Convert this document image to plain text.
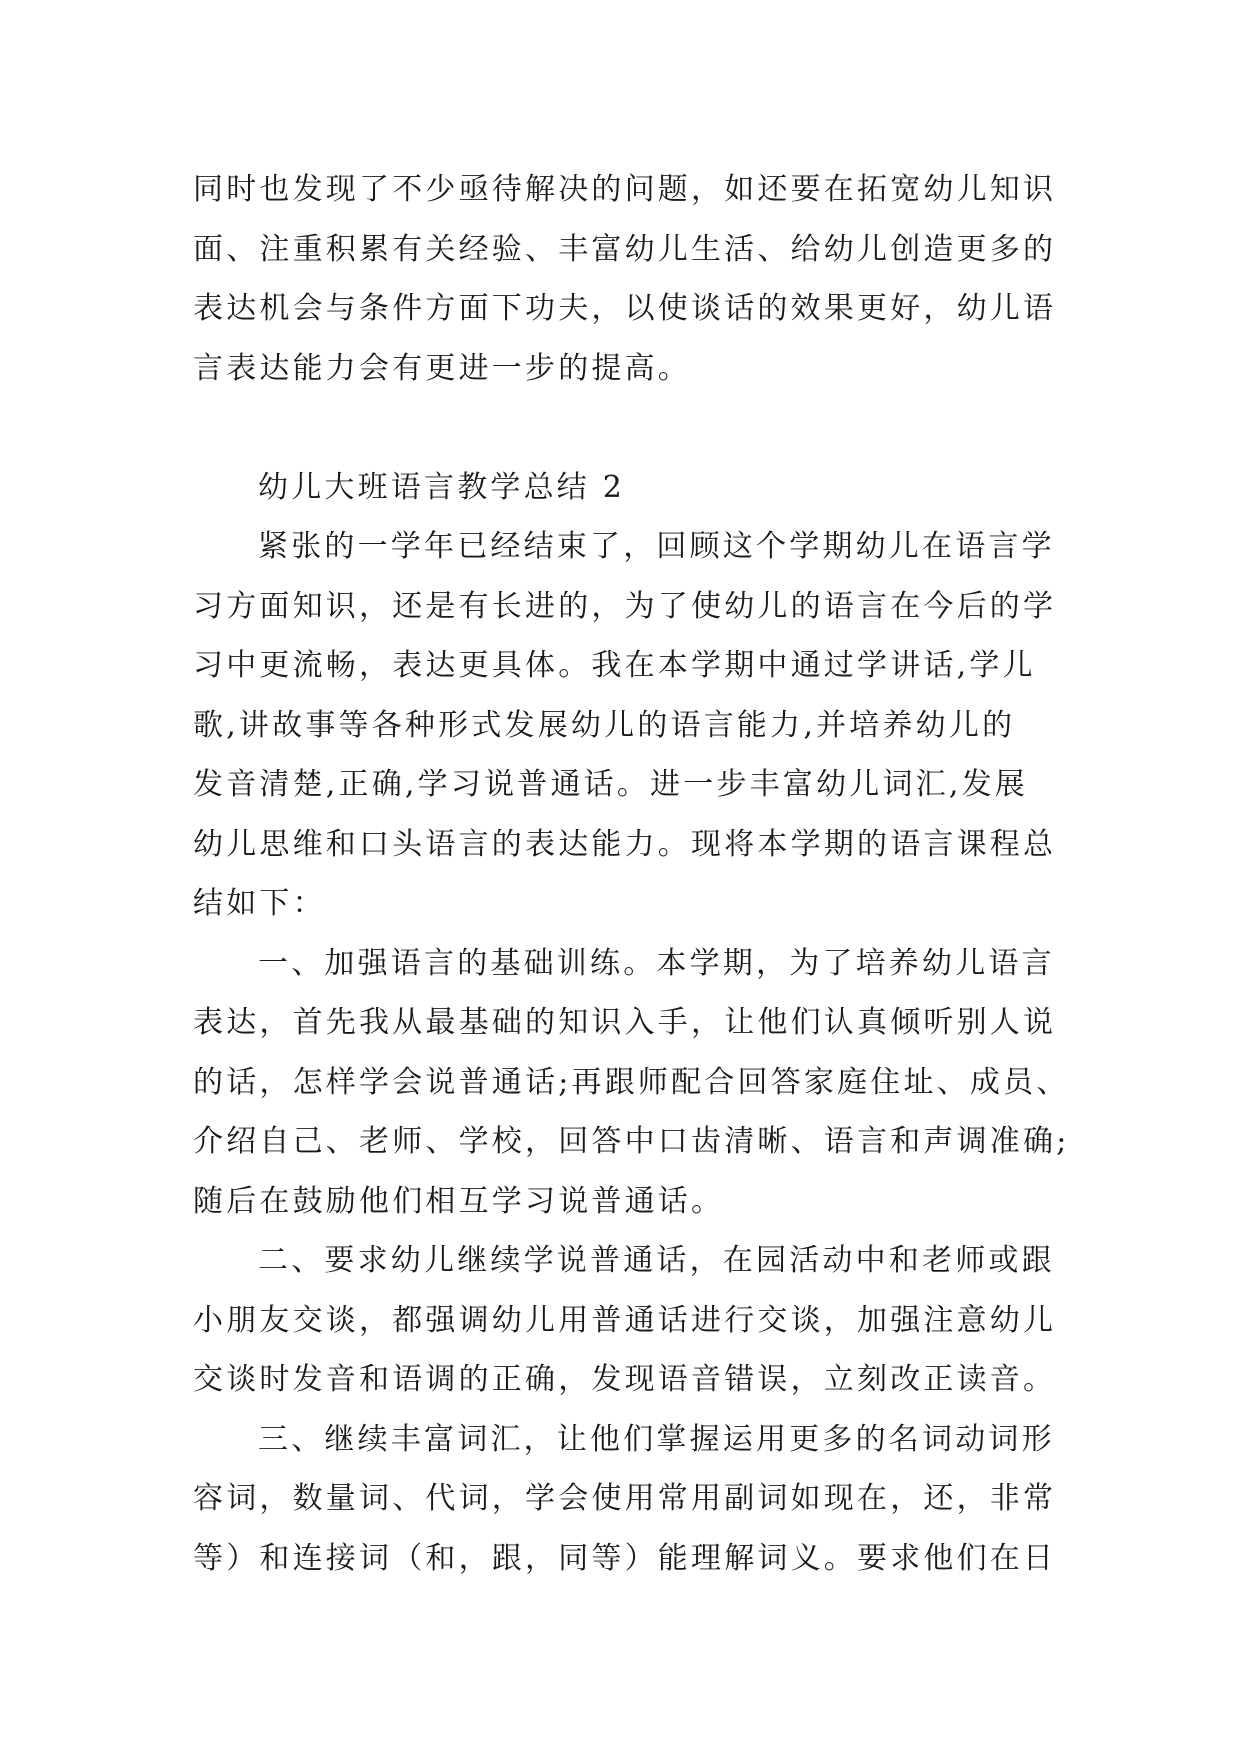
同时也发现了不少亟待解决的问题，如还要在拓宽幼儿知识
面、注重积累有关经验、丰富幼儿生活、给幼儿创造更多的
表达机会与条件方面下功夫，以使谈话的效果更好，幼儿语
言表达能力会有更进一步的提高。
幼儿大班语言教学总结 2
紧张的一学年已经结束了，回顾这个学期幼儿在语言学
习方面知识，还是有长进的，为了使幼儿的语言在今后的学
习中更流畅，表达更具体。我在本学期中通过学讲话,学儿
歌,讲故事等各种形式发展幼儿的语言能力,并培养幼儿的
发音清楚,正确,学习说普通话。进一步丰富幼儿词汇,发展
幼儿思维和口头语言的表达能力。现将本学期的语言课程总
结如下：
一、加强语言的基础训练。本学期，为了培养幼儿语言
表达，首先我从最基础的知识入手，让他们认真倾听别人说
的话，怎样学会说普通话;再跟师配合回答家庭住址、成员、
介绍自己、老师、学校，回答中口齿清晰、语言和声调准确;
随后在鼓励他们相互学习说普通话。
二、要求幼儿继续学说普通话，在园活动中和老师或跟
小朋友交谈，都强调幼儿用普通话进行交谈，加强注意幼儿
交谈时发音和语调的正确，发现语音错误，立刻改正读音。
三、继续丰富词汇，让他们掌握运用更多的名词动词形
容词，数量词、代词，学会使用常用副词如现在，还，非常
等）和连接词（和，跟，同等）能理解词义。要求他们在日
